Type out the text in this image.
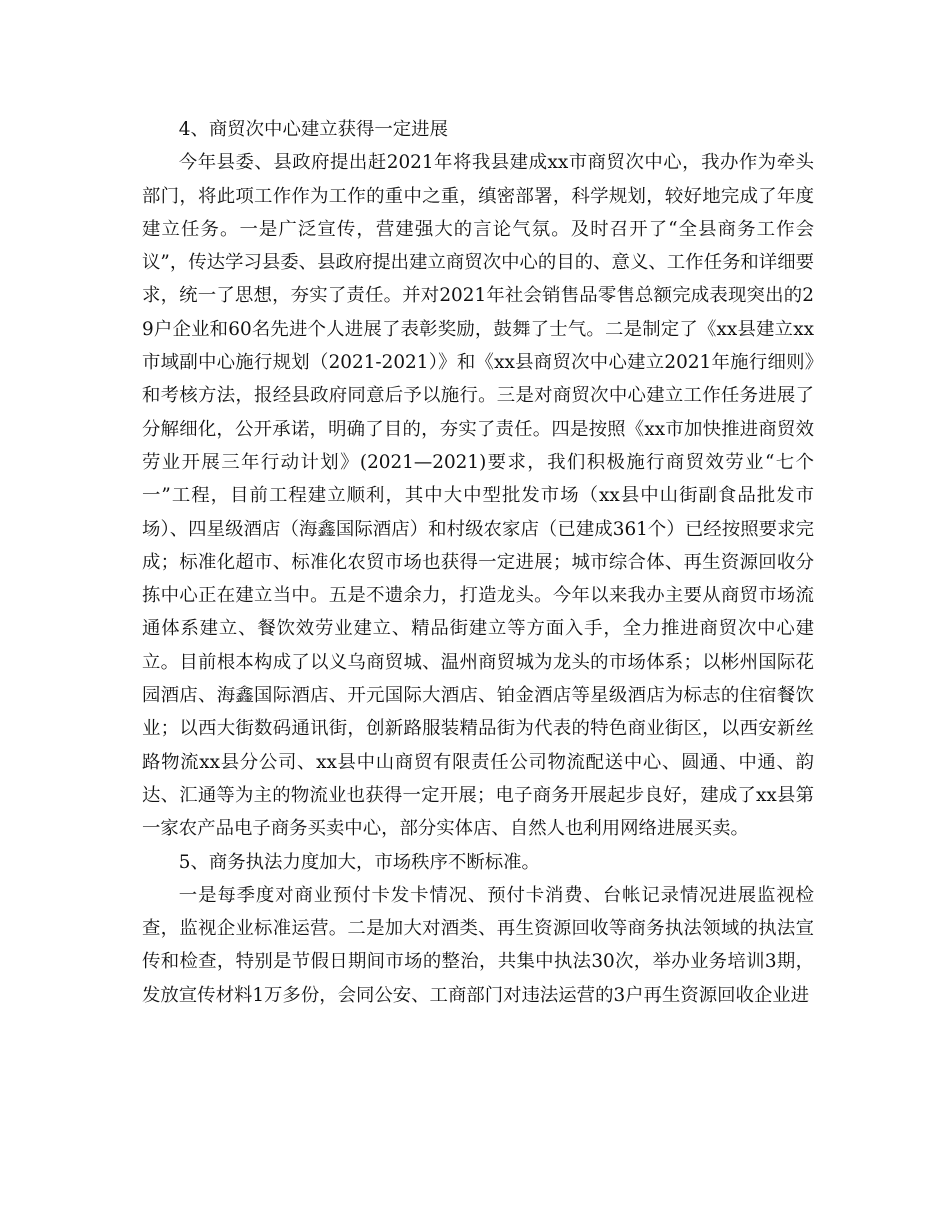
4、商贸次中心建立获得一定进展

今年县委、县政府提出赶2021年将我县建成xx市商贸次中心，我办作为牵头部门，将此项工作作为工作的重中之重，缜密部署，科学规划，较好地完成了年度建立任务。一是广泛宣传，营建强大的言论气氛。及时召开了“全县商务工作会议”，传达学习县委、县政府提出建立商贸次中心的目的、意义、工作任务和详细要求，统一了思想，夯实了责任。并对2021年社会销售品零售总额完成表现突出的29户企业和60名先进个人进展了表彰奖励，鼓舞了士气。二是制定了《xx县建立xx市域副中心施行规划（2021-2021）》和《xx县商贸次中心建立2021年施行细则》和考核方法，报经县政府同意后予以施行。三是对商贸次中心建立工作任务进展了分解细化，公开承诺，明确了目的，夯实了责任。四是按照《xx市加快推进商贸效劳业开展三年行动计划》(2021—2021)要求，我们积极施行商贸效劳业“七个一”工程，目前工程建立顺利，其中大中型批发市场（xx县中山街副食品批发市场）、四星级酒店（海鑫国际酒店）和村级农家店（已建成361个）已经按照要求完成；标准化超市、标准化农贸市场也获得一定进展；城市综合体、再生资源回收分拣中心正在建立当中。五是不遗余力，打造龙头。今年以来我办主要从商贸市场流通体系建立、餐饮效劳业建立、精品街建立等方面入手，全力推进商贸次中心建立。目前根本构成了以义乌商贸城、温州商贸城为龙头的市场体系；以彬州国际花园酒店、海鑫国际酒店、开元国际大酒店、铂金酒店等星级酒店为标志的住宿餐饮业；以西大街数码通讯街，创新路服装精品街为代表的特色商业街区，以西安新丝路物流xx县分公司、xx县中山商贸有限责任公司物流配送中心、圆通、中通、韵达、汇通等为主的物流业也获得一定开展；电子商务开展起步良好，建成了xx县第一家农产品电子商务买卖中心，部分实体店、自然人也利用网络进展买卖。

5、商务执法力度加大，市场秩序不断标准。

一是每季度对商业预付卡发卡情况、预付卡消费、台帐记录情况进展监视检查，监视企业标准运营。二是加大对酒类、再生资源回收等商务执法领域的执法宣传和检查，特别是节假日期间市场的整治，共集中执法30次，举办业务培训3期，发放宣传材料1万多份，会同公安、工商部门对违法运营的3户再生资源回收企业进
